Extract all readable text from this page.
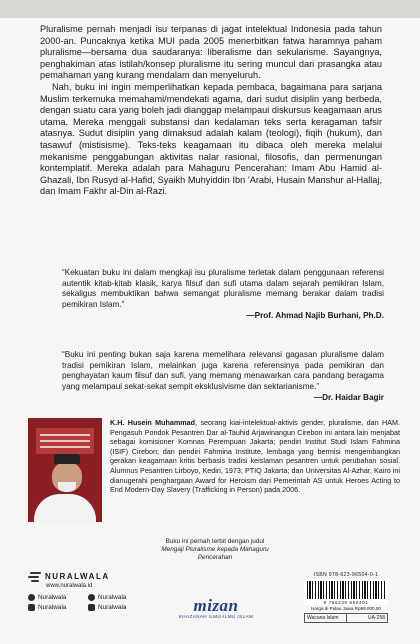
Pluralisme pernah menjadi isu terpanas di jagat intelektual Indonesia pada tahun 2000-an. Puncaknya ketika MUI pada 2005 menerbitkan fatwa haramnya paham pluralisme—bersama dua saudaranya: liberalisme dan sekularisme. Sayangnya, penghakiman atas istilah/konsep pluralisme itu sering muncul dari prasangka atau pemahaman yang kurang mendalam dan menyeluruh.

Nah, buku ini ingin memperlihatkan kepada pembaca, bagaimana para sarjana Muslim terkemuka memahami/mendekati agama, dari sudut disiplin yang berbeda, dengan suatu cara yang boleh jadi dianggap melampaui diskursus keagamaan arus utama. Mereka menggali substansi dan kedalaman teks serta keragaman tafsir atasnya. Sudut disiplin yang dimaksud adalah kalam (teologi), fiqih (hukum), dan tasawuf (mistisisme). Teks-teks keagamaan itu dibaca oleh mereka melalui mekanisme penggabungan aktivitas nalar rasional, filosofis, dan permenungan kontemplatif. Mereka adalah para Mahaguru Pencerahan: Imam Abu Hamid al-Ghazali, Ibn Rusyd al-Hafid, Syaikh Muhyiddin Ibn 'Arabi, Husain Manshur al-Hallaj, dan Imam Fakhr al-Din al-Razi.

“Kekuatan buku ini dalam mengkaji isu pluralisme terletak dalam penggunaan referensi autentik kitab-kitab klasik, karya filsuf dan sufi utama dalam sejarah pemikiran Islam, sekaligus membuktikan bahwa semangat pluralisme memang berakar dalam tradisi pemikiran Islam.”

—Prof. Ahmad Najib Burhani, Ph.D.

“Buku ini penting bukan saja karena memelihara relevansi gagasan pluralisme dalam tradisi pemikiran Islam, melainkan juga karena referensinya pada pemikiran dan penghayatan kaum filsuf dan sufi, yang memang menawarkan cara pandang beragama yang melampaui sekat-sekat sempit eksklusivisme dan sektarianisme.”

—Dr. Haidar Bagir

K.H. Husein Muhammad, seorang kiai-intelektual-aktivis gender, pluralisme, dan HAM. Pengasuh Pondok Pesantren Dar al-Tauhid Arjawinangun Cirebon ini antara lain menjabat sebagai komisioner Komnas Perempuan Jakarta; pendiri Institut Studi Islam Fahmina (ISIF) Cirebon; dan pendiri Fahmina Institute, lembaga yang bermisi mengembangkan gerakan keagamaan kritis berbasis tradisi keislaman pesantren untuk perubahan sosial. Alumnus Pesantren Lirboyo, Kediri, 1973; PTIQ Jakarta; dan Universitas Al-Azhar, Kairo ini dianugerahi penghargaan Award for Heroism dari Pemerintah AS untuk Heroes Acting to End Modern-Day Slavery (Trafficking in Person) pada 2006.

Buku ini pernah terbit dengan judul
Mengaji Pluralisme kepada Mahaguru Pencerahan
NURALWALA
www.nuralwala.id
Nuralwala	Nuralwala
Nuralwala	Nuralwala	mizan
KHAZANAH ILMU-ILMU ISLAM
ISBN 978-623-96504-0-1
9 786239 650401
Harga di Pulau Jawa Rp99.000,00
Wacana Islam	UA-258
